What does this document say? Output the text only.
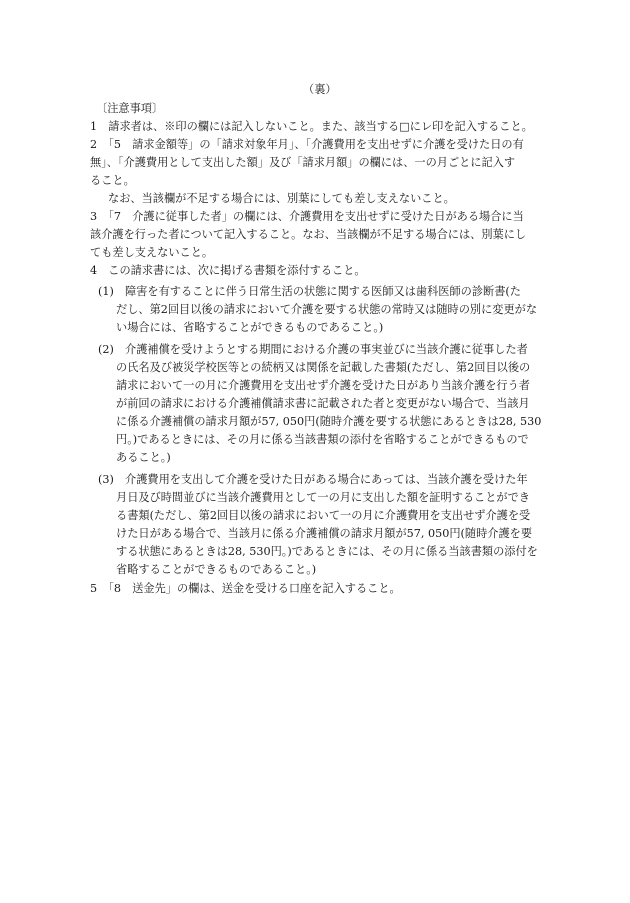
（裏）
〔注意事項〕
1　請求者は、※印の欄には記入しないこと。また、該当する□にレ印を記入すること。
2　「5　請求金額等」の「請求対象年月」、「介護費用を支出せずに介護を受けた日の有
無」、「介護費用として支出した額」及び「請求月額」の欄には、一の月ごとに記入す
ること。
なお、当該欄が不足する場合には、別葉にしても差し支えないこと。
3　「7　介護に従事した者」の欄には、介護費用を支出せずに受けた日がある場合に当
該介護を行った者について記入すること。なお、当該欄が不足する場合には、別葉にし
ても差し支えないこと。
4　この請求書には、次に掲げる書類を添付すること。
(1)　障害を有することに伴う日常生活の状態に関する医師又は歯科医師の診断書(た
だし、第2回目以後の請求において介護を要する状態の常時又は随時の別に変更がな
い場合には、省略することができるものであること。)
(2)　介護補償を受けようとする期間における介護の事実並びに当該介護に従事した者
の氏名及び被災学校医等との続柄又は関係を記載した書類(ただし、第2回目以後の
請求において一の月に介護費用を支出せず介護を受けた日があり当該介護を行う者
が前回の請求における介護補償請求書に記載された者と変更がない場合で、当該月
に係る介護補償の請求月額が57, 050円(随時介護を要する状態にあるときは28, 530
円。)であるときには、その月に係る当該書類の添付を省略することができるもので
あること。)
(3)　介護費用を支出して介護を受けた日がある場合にあっては、当該介護を受けた年
月日及び時間並びに当該介護費用として一の月に支出した額を証明することができ
る書類(ただし、第2回目以後の請求において一の月に介護費用を支出せず介護を受
けた日がある場合で、当該月に係る介護補償の請求月額が57, 050円(随時介護を要
する状態にあるときは28, 530円。)であるときには、その月に係る当該書類の添付を
省略することができるものであること。)
5　「8　送金先」の欄は、送金を受ける口座を記入すること。
